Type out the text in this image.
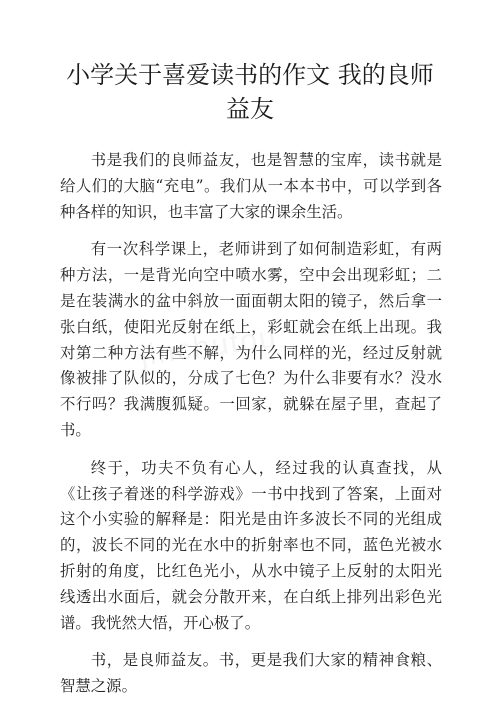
小学关于喜爱读书的作文 我的良师益友

书是我们的良师益友，也是智慧的宝库，读书就是给人们的大脑“充电”。我们从一本本书中，可以学到各种各样的知识，也丰富了大家的课余生活。

有一次科学课上，老师讲到了如何制造彩虹，有两种方法，一是背光向空中喷水雾，空中会出现彩虹；二是在装满水的盆中斜放一面面朝太阳的镜子，然后拿一张白纸，使阳光反射在纸上，彩虹就会在纸上出现。我对第二种方法有些不解，为什么同样的光，经过反射就像被排了队似的，分成了七色？为什么非要有水？没水不行吗？我满腹狐疑。一回家，就躲在屋子里，查起了书。

终于，功夫不负有心人，经过我的认真查找，从《让孩子着迷的科学游戏》一书中找到了答案，上面对这个小实验的解释是：阳光是由许多波长不同的光组成的，波长不同的光在水中的折射率也不同，蓝色光被水折射的角度，比红色光小，从水中镜子上反射的太阳光线透出水面后，就会分散开来，在白纸上排列出彩色光谱。我恍然大悟，开心极了。

书，是良师益友。书，更是我们大家的精神食粮、智慧之源。
